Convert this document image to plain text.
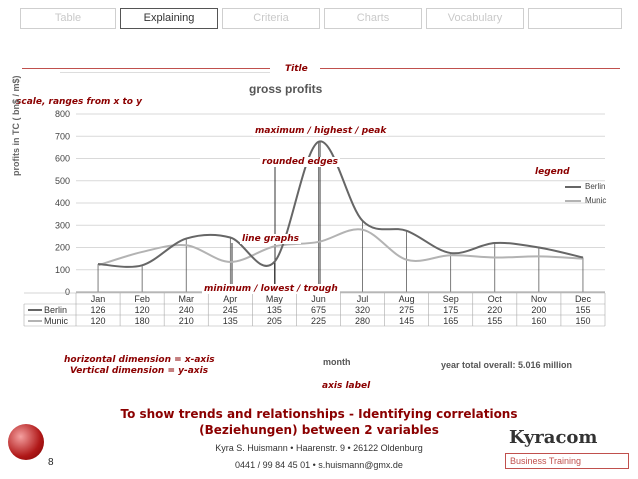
Table	Explaining	Criteria	Charts	Vocabulary
Title
gross profits
scale, ranges from x to y
profits in TC ( bn$ / m$)
0
100
200
300
400
500
600
700
800
Jan	Feb	Mar	Apr	May	Jun	Jul	Aug	Sep	Oct	Nov	Dec
Berlin	126	120	240	245	135	675	320	275	175	220	200	155
Munic	120	180	210	135	205	225	280	145	165	155	160	150
maximum / highest / peak
rounded edges
legend
line graphs
minimum / lowest / trough
Berlin
Munic
horizontal dimension = x-axis
Vertical dimension = y-axis
month	year total overall: 5.016 million
axis label
To show trends and relationships - Identifying correlations
(Beziehungen) between 2 variables
8
Kyra S. Huismann • Haarenstr. 9 • 26122 Oldenburg
0441 / 99 84 45 01 • s.huismann@gmx.de
Kyracom
Business Training
